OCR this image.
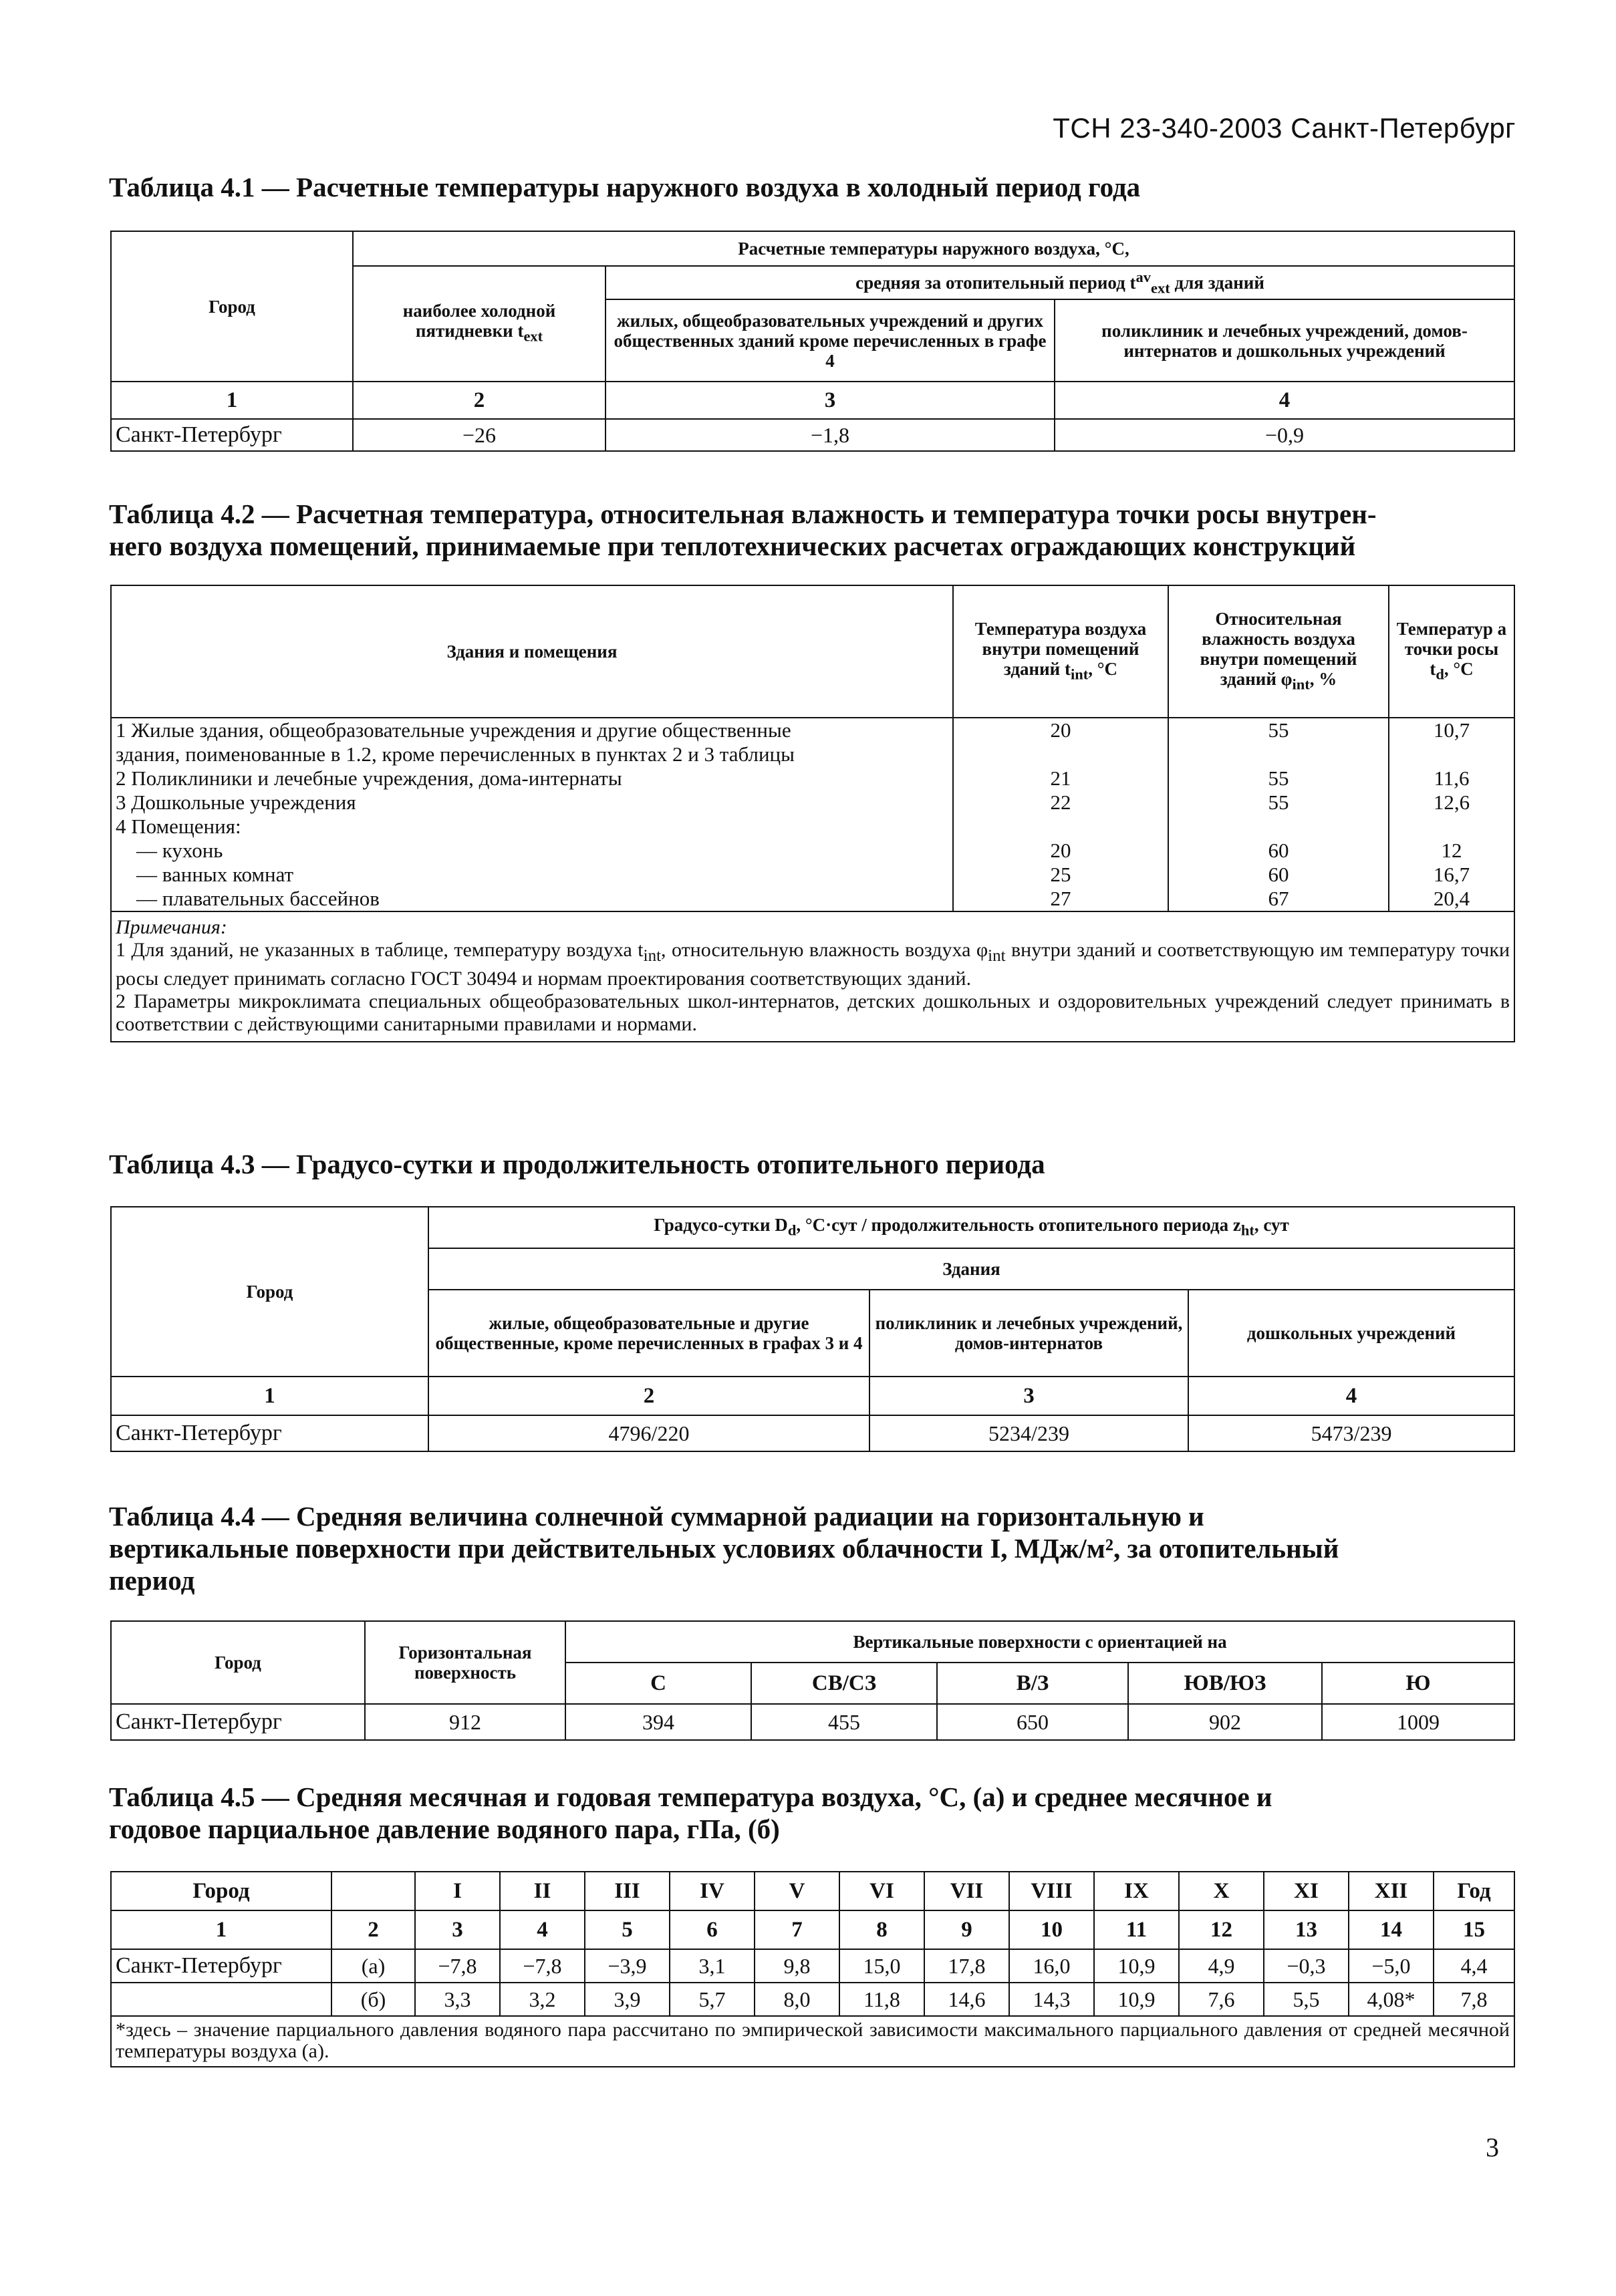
ТСН 23-340-2003 Санкт-Петербург
Таблица 4.1 — Расчетные температуры наружного воздуха в холодный период года
Город	Расчетные температуры наружного воздуха, °С,		
	наиболее холодной пятидневки $t_{ext}$	средняя за отопительный период $t^{av}_{ext}$ для зданий	
		жилых, общеобразовательных учреждений и других общественных зданий кроме перечисленных в графе 4	поликлиник и лечебных учреждений, домов-интернатов и дошкольных учреждений
1	2	3	4
Санкт-Петербург	−26	−1,8	−0,9
Таблица 4.2 — Расчетная температура, относительная влажность и температура точки росы внутрен-
него воздуха помещений, принимаемые при теплотехнических расчетах ограждающих конструкций
Здания и помещения	Температура воздуха внутри помещений зданий $t_{int}$, °С	Относительная влажность воздуха внутри помещений зданий $\varphi_{int}$, %	Температур а точки росы $t_d$, °С
1 Жилые здания, общеобразовательные учреждения и другие общественные	20	55	10,7
здания, поименованные в 1.2, кроме перечисленных в пунктах 2 и 3 таблицы			
2 Поликлиники и лечебные учреждения, дома-интернаты	21	55	11,6
3 Дошкольные учреждения	22	55	12,6
4 Помещения:			
— кухонь	20	60	12
— ванных комнат	25	60	16,7
— плавательных бассейнов	27	67	20,4

Примечания:
1 Для зданий, не указанных в таблице, температуру воздуха $t_{int}$, относительную влажность воздуха $\varphi_{int}$ внутри зданий и соответствующую им температуру точки росы следует принимать согласно ГОСТ 30494 и нормам проектирования соответствующих зданий.
2 Параметры микроклимата специальных общеобразовательных школ-интернатов, детских дошкольных и оздоровительных учреждений следует принимать в соответствии с действующими санитарными правилами и нормами.			
Таблица 4.3 — Градусо-сутки и продолжительность отопительного периода
Город	Градусо-сутки $D_d$, °С·сут / продолжительность отопительного периода $z_{ht}$, сут		
	Здания		
	жилые, общеобразовательные и другие общественные, кроме перечисленных в графах 3 и 4	поликлиник и лечебных учреждений, домов-интернатов	дошкольных учреждений
1	2	3	4
Санкт-Петербург	4796/220	5234/239	5473/239
Таблица 4.4 — Средняя величина солнечной суммарной радиации на горизонтальную и
вертикальные поверхности при действительных условиях облачности I, МДж/м², за отопительный
период
Город	Горизонтальная поверхность	Вертикальные поверхности с ориентацией на				
		С	СВ/СЗ	В/З	ЮВ/ЮЗ	Ю
Санкт-Петербург	912	394	455	650	902	1009
Таблица 4.5 — Средняя месячная и годовая температура воздуха, °С, (а) и среднее месячное и
годовое парциальное давление водяного пара, гПа, (б)
Город		I	II	III	IV	V	VI	VII	VIII	IX	X	XI	XII	Год
1	2	3	4	5	6	7	8	9	10	11	12	13	14	15
Санкт-Петербург	(а)	−7,8	−7,8	−3,9	3,1	9,8	15,0	17,8	16,0	10,9	4,9	−0,3	−5,0	4,4
	(б)	3,3	3,2	3,9	5,7	8,0	11,8	14,6	14,3	10,9	7,6	5,5	4,08*	7,8
*здесь – значение парциального давления водяного пара рассчитано по эмпирической зависимости максимального парциального давления от средней месячной температуры воздуха (а).														
3
